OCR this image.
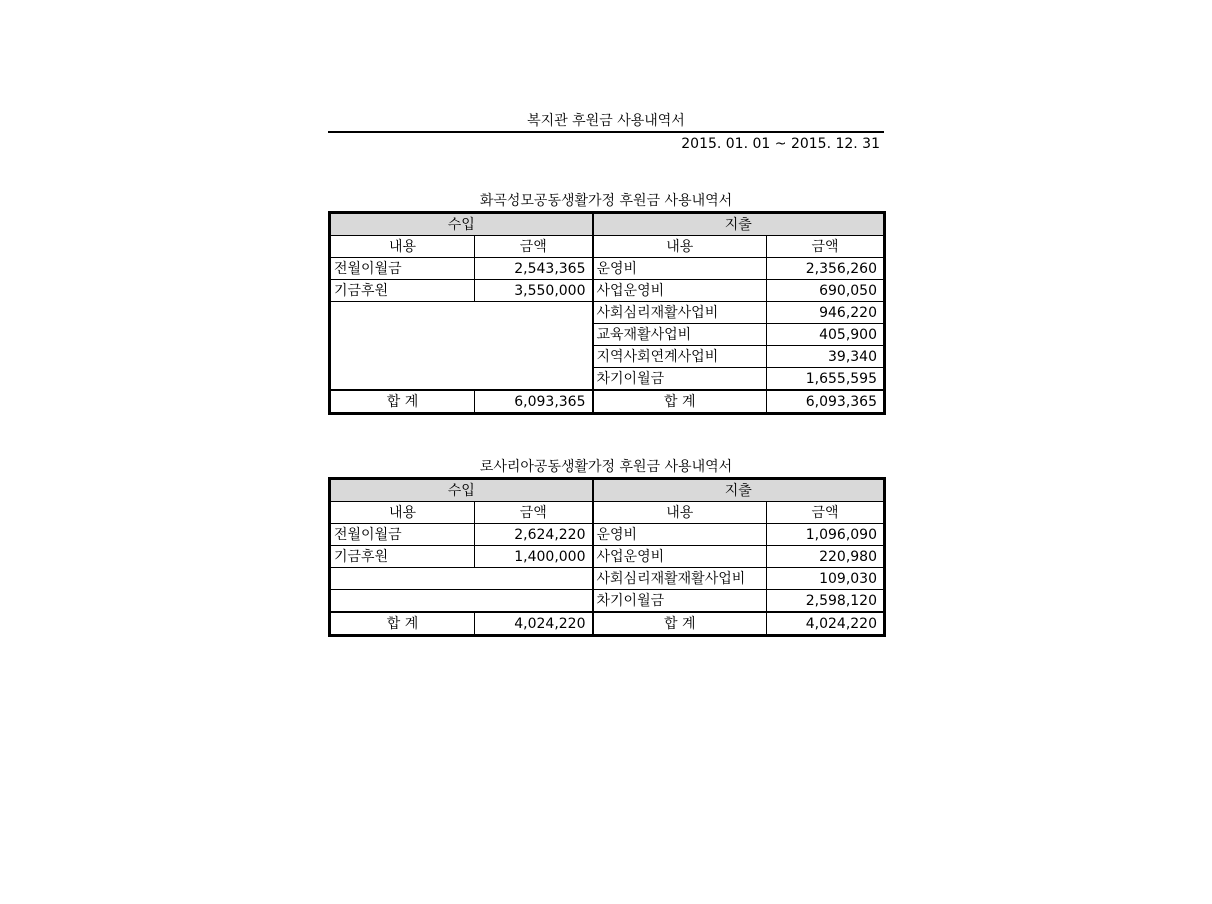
복지관 후원금 사용내역서
2015. 01. 01 ~ 2015. 12. 31
화곡성모공동생활가정 후원금 사용내역서
수입		지출	
내용	금액	내용	금액
전월이월금	2,543,365	운영비	2,356,260
기금후원	3,550,000	사업운영비	690,050
		사회심리재활사업비	946,220
		교육재활사업비	405,900
		지역사회연계사업비	39,340
		차기이월금	1,655,595
합 계	6,093,365	합 계	6,093,365
로사리아공동생활가정 후원금 사용내역서
수입		지출	
내용	금액	내용	금액
전월이월금	2,624,220	운영비	1,096,090
기금후원	1,400,000	사업운영비	220,980
		사회심리재활재활사업비	109,030
		차기이월금	2,598,120
합 계	4,024,220	합 계	4,024,220
